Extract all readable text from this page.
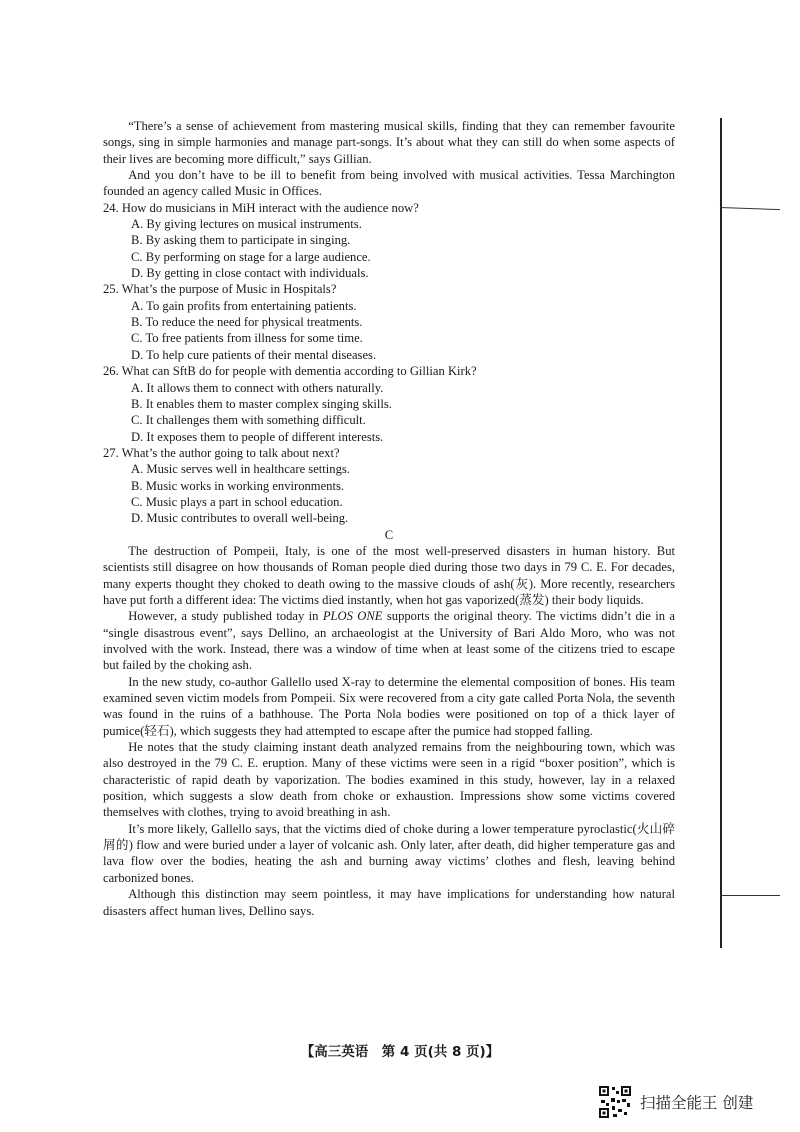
“There’s a sense of achievement from mastering musical skills, finding that they can remember favourite songs, sing in simple harmonies and manage part-songs. It’s about what they can still do when some aspects of their lives are becoming more difficult,” says Gillian.

And you don’t have to be ill to benefit from being involved with musical activities. Tessa Marchington founded an agency called Music in Offices.

24. How do musicians in MiH interact with the audience now?

A. By giving lectures on musical instruments.

B. By asking them to participate in singing.

C. By performing on stage for a large audience.

D. By getting in close contact with individuals.

25. What’s the purpose of Music in Hospitals?

A. To gain profits from entertaining patients.

B. To reduce the need for physical treatments.

C. To free patients from illness for some time.

D. To help cure patients of their mental diseases.

26. What can SftB do for people with dementia according to Gillian Kirk?

A. It allows them to connect with others naturally.

B. It enables them to master complex singing skills.

C. It challenges them with something difficult.

D. It exposes them to people of different interests.

27. What’s the author going to talk about next?

A. Music serves well in healthcare settings.

B. Music works in working environments.

C. Music plays a part in school education.

D. Music contributes to overall well-being.

C

The destruction of Pompeii, Italy, is one of the most well-preserved disasters in human history. But scientists still disagree on how thousands of Roman people died during those two days in 79 C. E. For decades, many experts thought they choked to death owing to the massive clouds of ash(灰). More recently, researchers have put forth a different idea: The victims died instantly, when hot gas vaporized(蒸发) their body liquids.

However, a study published today in PLOS ONE supports the original theory. The victims didn’t die in a “single disastrous event”, says Dellino, an archaeologist at the University of Bari Aldo Moro, who was not involved with the work. Instead, there was a window of time when at least some of the citizens tried to escape but failed by the choking ash.

In the new study, co-author Gallello used X-ray to determine the elemental composition of bones. His team examined seven victim models from Pompeii. Six were recovered from a city gate called Porta Nola, the seventh was found in the ruins of a bathhouse. The Porta Nola bodies were positioned on top of a thick layer of pumice(轻石), which suggests they had attempted to escape after the pumice had stopped falling.

He notes that the study claiming instant death analyzed remains from the neighbouring town, which was also destroyed in the 79 C. E. eruption. Many of these victims were seen in a rigid “boxer position”, which is characteristic of rapid death by vaporization. The bodies examined in this study, however, lay in a relaxed position, which suggests a slow death from choke or exhaustion. Impressions show some victims covered themselves with clothes, trying to avoid breathing in ash.

It’s more likely, Gallello says, that the victims died of choke during a lower temperature pyroclastic(火山碎屑的) flow and were buried under a layer of volcanic ash. Only later, after death, did higher temperature gas and lava flow over the bodies, heating the ash and burning away victims’ clothes and flesh, leaving behind carbonized bones.

Although this distinction may seem pointless, it may have implications for understanding how natural disasters affect human lives, Dellino says.

【高三英语　第 4 页(共 8 页)】
扫描全能王 创建
